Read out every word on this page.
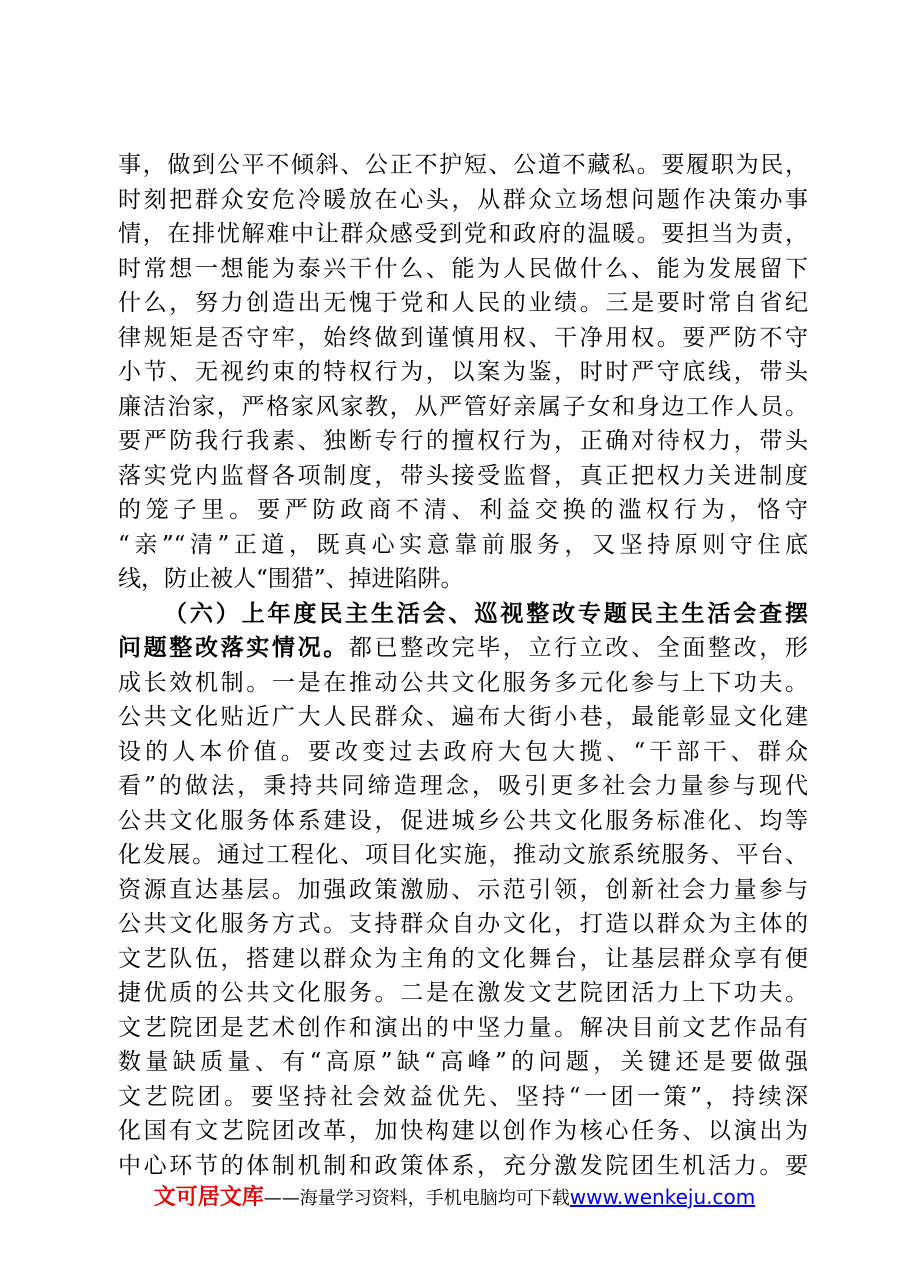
事，做到公平不倾斜、公正不护短、公道不藏私。要履职为民，
时刻把群众安危冷暖放在心头，从群众立场想问题作决策办事
情，在排忧解难中让群众感受到党和政府的温暖。要担当为责，
时常想一想能为泰兴干什么、能为人民做什么、能为发展留下
什么，努力创造出无愧于党和人民的业绩。三是要时常自省纪
律规矩是否守牢，始终做到谨慎用权、干净用权。要严防不守
小节、无视约束的特权行为，以案为鉴，时时严守底线，带头
廉洁治家，严格家风家教，从严管好亲属子女和身边工作人员。
要严防我行我素、独断专行的擅权行为，正确对待权力，带头
落实党内监督各项制度，带头接受监督，真正把权力关进制度
的笼子里。要严防政商不清、利益交换的滥权行为，恪守
“亲”“清”正道，既真心实意靠前服务，又坚持原则守住底
线，防止被人“围猎”、掉进陷阱。
（六）上年度民主生活会、巡视整改专题民主生活会查摆
问题整改落实情况。都已整改完毕，立行立改、全面整改，形
成长效机制。一是在推动公共文化服务多元化参与上下功夫。
公共文化贴近广大人民群众、遍布大街小巷，最能彰显文化建
设的人本价值。要改变过去政府大包大揽、“干部干、群众
看”的做法，秉持共同缔造理念，吸引更多社会力量参与现代
公共文化服务体系建设，促进城乡公共文化服务标准化、均等
化发展。通过工程化、项目化实施，推动文旅系统服务、平台、
资源直达基层。加强政策激励、示范引领，创新社会力量参与
公共文化服务方式。支持群众自办文化，打造以群众为主体的
文艺队伍，搭建以群众为主角的文化舞台，让基层群众享有便
捷优质的公共文化服务。二是在激发文艺院团活力上下功夫。
文艺院团是艺术创作和演出的中坚力量。解决目前文艺作品有
数量缺质量、有“高原”缺“高峰”的问题，关键还是要做强
文艺院团。要坚持社会效益优先、坚持“一团一策”，持续深
化国有文艺院团改革，加快构建以创作为核心任务、以演出为
中心环节的体制机制和政策体系，充分激发院团生机活力。要
文可居文库——海量学习资料，手机电脑均可下载www.wenkeju.com
